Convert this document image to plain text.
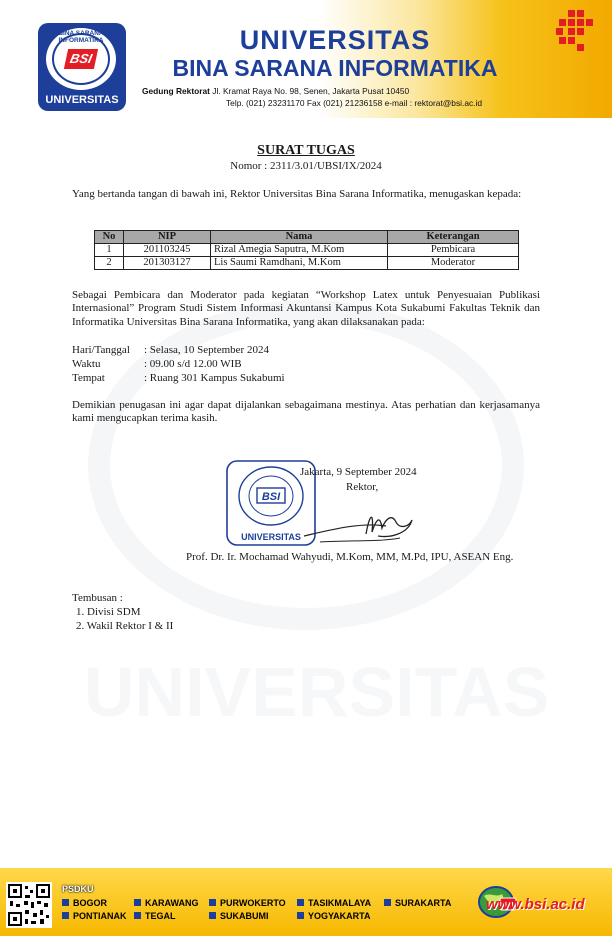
BINA SARANA INFORMATIKA
BSI
UNIVERSITAS
UNIVERSITAS
BINA SARANA INFORMATIKA
Gedung Rektorat Jl. Kramat Raya No. 98, Senen, Jakarta Pusat 10450
Telp. (021) 23231170 Fax (021) 21236158 e-mail : rektorat@bsi.ac.id
UNIVERSITAS
SURAT TUGAS
Nomor : 2311/3.01/UBSI/IX/2024
Yang bertanda tangan di bawah ini, Rektor Universitas Bina Sarana Informatika, menugaskan kepada:
No	NIP	Nama	Keterangan
1	201103245	Rizal Amegia Saputra, M.Kom	Pembicara
2	201303127	Lis Saumi Ramdhani, M.Kom	Moderator
Sebagai Pembicara dan Moderator pada kegiatan “Workshop Latex untuk Penyesuaian Publikasi Internasional” Program Studi Sistem Informasi Akuntansi Kampus Kota Sukabumi Fakultas Teknik dan Informatika Universitas Bina Sarana Informatika, yang akan dilaksanakan pada:
Hari/Tanggal : Selasa, 10 September 2024
Waktu	: 09.00 s/d 12.00 WIB
Tempat	: Ruang 301 Kampus Sukabumi
Demikian penugasan ini agar dapat dijalankan sebagaimana mestinya. Atas perhatian dan kerjasamanya kami mengucapkan terima kasih.
BSI
UNIVERSITAS
Jakarta, 9 September 2024
Rektor,
Prof. Dr. Ir. Mochamad Wahyudi, M.Kom, MM, M.Pd, IPU, ASEAN Eng.
Tembusan :
1. Divisi SDM
2. Wakil Rektor I & II
PSDKU
BOGOR	KARAWANG	PURWOKERTO	TASIKMALAYA	SURAKARTA
PONTIANAK	TEGAL	SUKABUMI	YOGYAKARTA
www.bsi.ac.id
